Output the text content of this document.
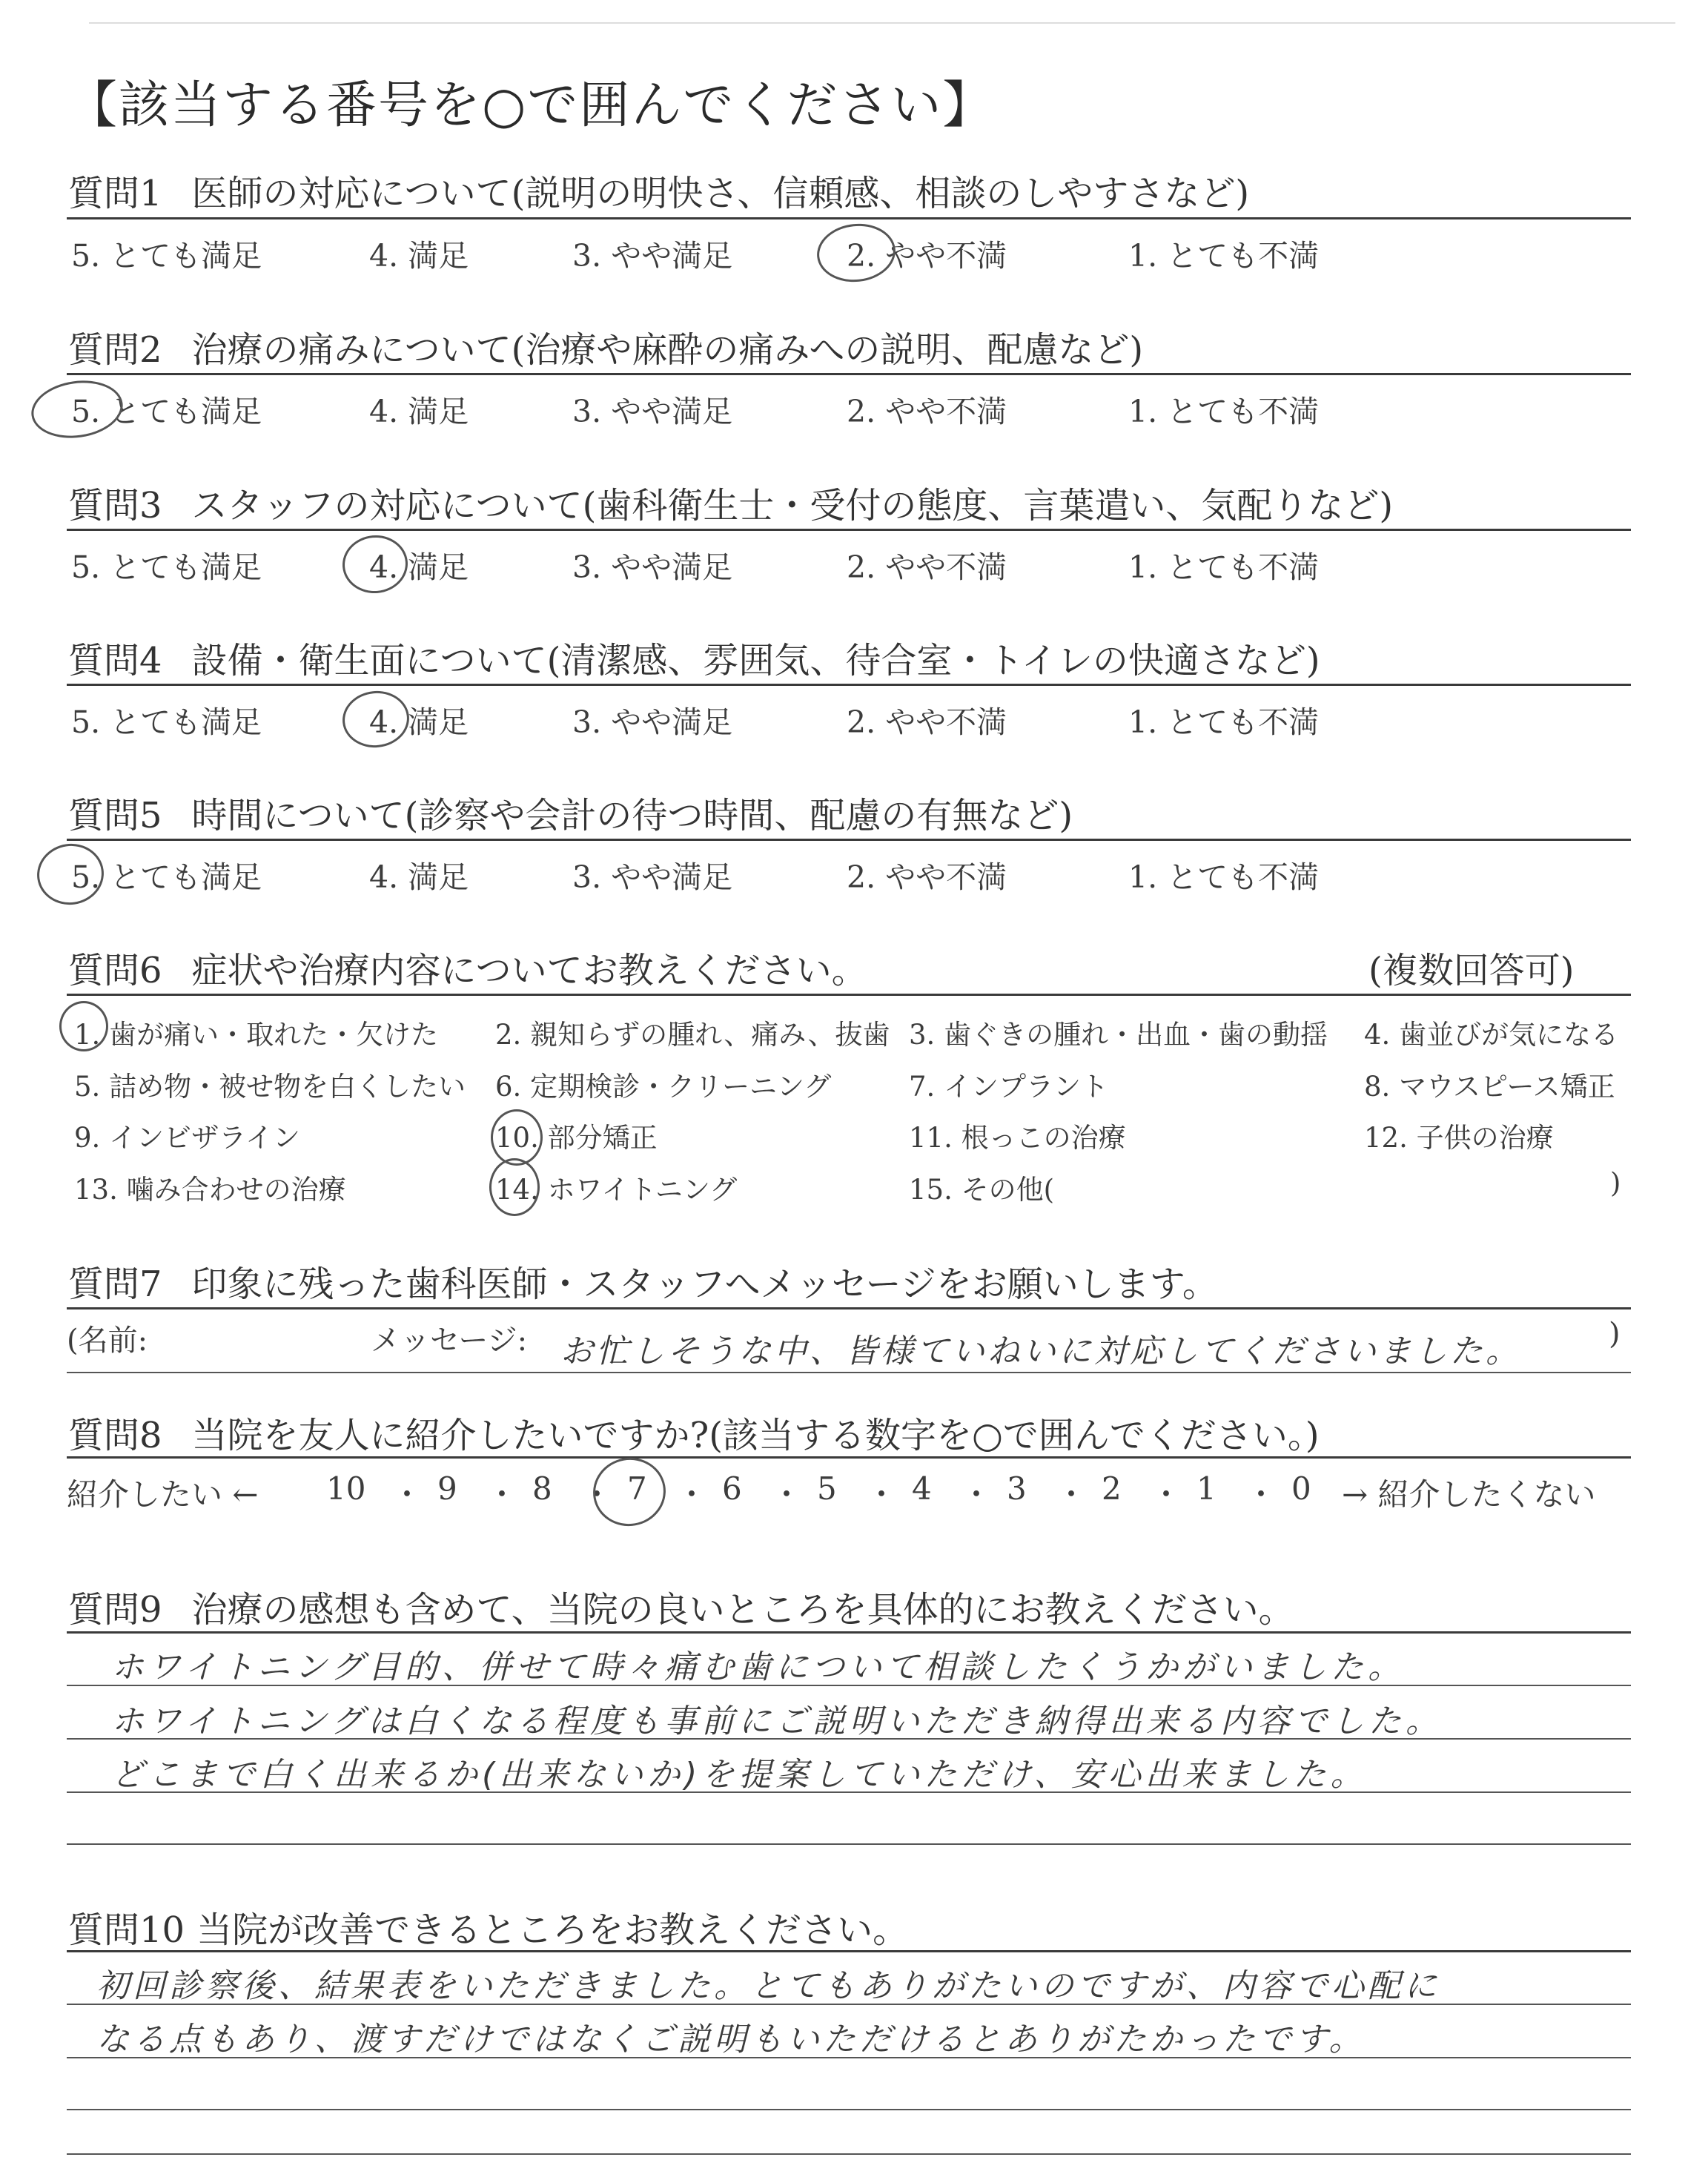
【該当する番号を○で囲んでください】
質問1 医師の対応について(説明の明快さ、信頼感、相談のしやすさなど)
5. とても満足	4. 満足	3. やや満足	2. やや不満	1. とても不満
質問2 治療の痛みについて(治療や麻酔の痛みへの説明、配慮など)
5. とても満足	4. 満足	3. やや満足	2. やや不満	1. とても不満
質問3 スタッフの対応について(歯科衛生士・受付の態度、言葉遣い、気配りなど)
5. とても満足	4. 満足	3. やや満足	2. やや不満	1. とても不満
質問4 設備・衛生面について(清潔感、雰囲気、待合室・トイレの快適さなど)
5. とても満足	4. 満足	3. やや満足	2. やや不満	1. とても不満
質問5 時間について(診察や会計の待つ時間、配慮の有無など)
5. とても満足	4. 満足	3. やや満足	2. やや不満	1. とても不満
質問6 症状や治療内容についてお教えください。	(複数回答可)
1. 歯が痛い・取れた・欠けた 2. 親知らずの腫れ、痛み、抜歯 3. 歯ぐきの腫れ・出血・歯の動揺 4. 歯並びが気になる
5. 詰め物・被せ物を白くしたい 6. 定期検診・クリーニング	7. インプラント	8. マウスピース矯正
9. インビザライン	10. 部分矯正	11. 根っこの治療	12. 子供の治療
13. 噛み合わせの治療	14. ホワイトニング	15. その他(	)
質問7 印象に残った歯科医師・スタッフへメッセージをお願いします。
(名前:	メッセージ: お忙しそうな中、皆様ていねいに対応してくださいました。	)
質問8 当院を友人に紹介したいですか?(該当する数字を○で囲んでください。)
紹介したい ←	→ 紹介したくない
10 ・ 9 ・ 8 ・ 7 ・ 6 ・ 5 ・ 4 ・ 3 ・ 2 ・ 1 ・ 0
質問9 治療の感想も含めて、当院の良いところを具体的にお教えください。
ホワイトニング目的、併せて時々痛む歯について相談したくうかがいました。
ホワイトニングは白くなる程度も事前にご説明いただき納得出来る内容でした。
どこまで白く出来るか(出来ないか)を提案していただけ、安心出来ました。
質問10 当院が改善できるところをお教えください。
初回診察後、結果表をいただきました。とてもありがたいのですが、内容で心配に
なる点もあり、渡すだけではなくご説明もいただけるとありがたかったです。
